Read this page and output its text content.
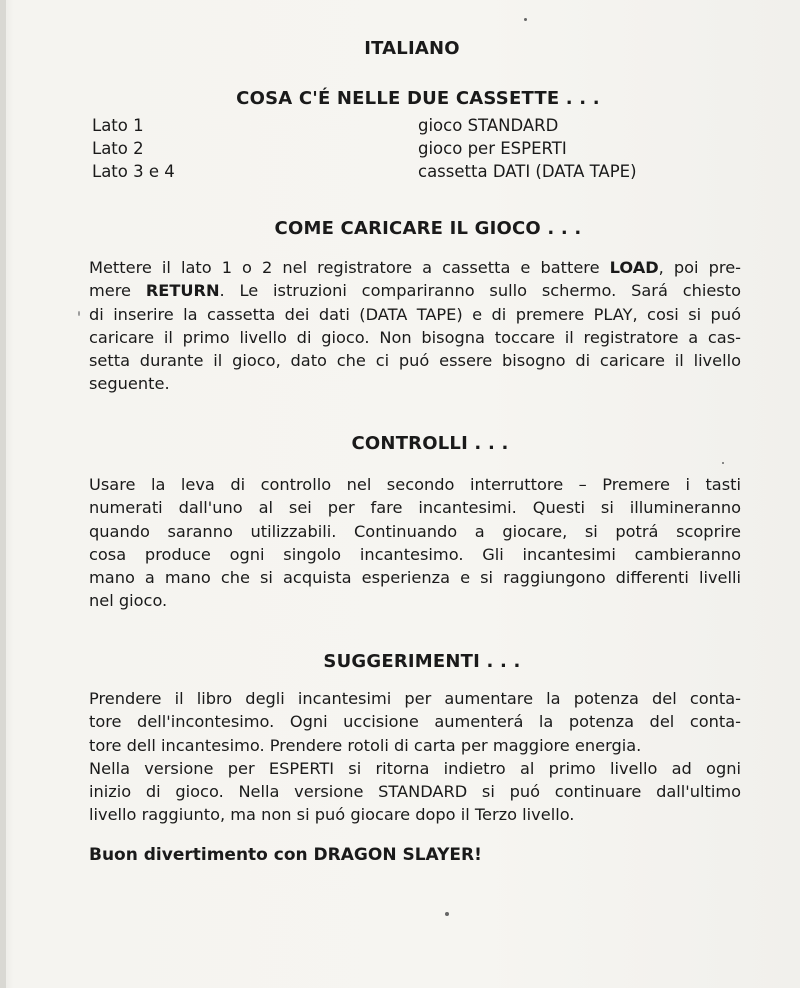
ITALIANO
COSA C'É NELLE DUE CASSETTE . . .
Lato 1	gioco STANDARD
Lato 2	gioco per ESPERTI
Lato 3 e 4	cassetta DATI (DATA TAPE)
COME CARICARE IL GIOCO . . .

Mettere il lato 1 o 2 nel registratore a cassetta e battere LOAD, poi pre-
mere RETURN. Le istruzioni compariranno sullo schermo. Sará chiesto
di inserire la cassetta dei dati (DATA TAPE) e di premere PLAY, cosi si puó
caricare il primo livello di gioco. Non bisogna toccare il registratore a cas-
setta durante il gioco, dato che ci puó essere bisogno di caricare il livello
seguente.

CONTROLLI . . .

Usare la leva di controllo nel secondo interruttore – Premere i tasti
numerati dall'uno al sei per fare incantesimi. Questi si illumineranno
quando saranno utilizzabili. Continuando a giocare, si potrá scoprire
cosa produce ogni singolo incantesimo. Gli incantesimi cambieranno
mano a mano che si acquista esperienza e si raggiungono differenti livelli
nel gioco.

SUGGERIMENTI . . .

Prendere il libro degli incantesimi per aumentare la potenza del conta-
tore dell'incontesimo. Ogni uccisione aumenterá la potenza del conta-
tore dell incantesimo. Prendere rotoli di carta per maggiore energia.
Nella versione per ESPERTI si ritorna indietro al primo livello ad ogni
inizio di gioco. Nella versione STANDARD si puó continuare dall'ultimo
livello raggiunto, ma non si puó giocare dopo il Terzo livello.

Buon divertimento con DRAGON SLAYER!
